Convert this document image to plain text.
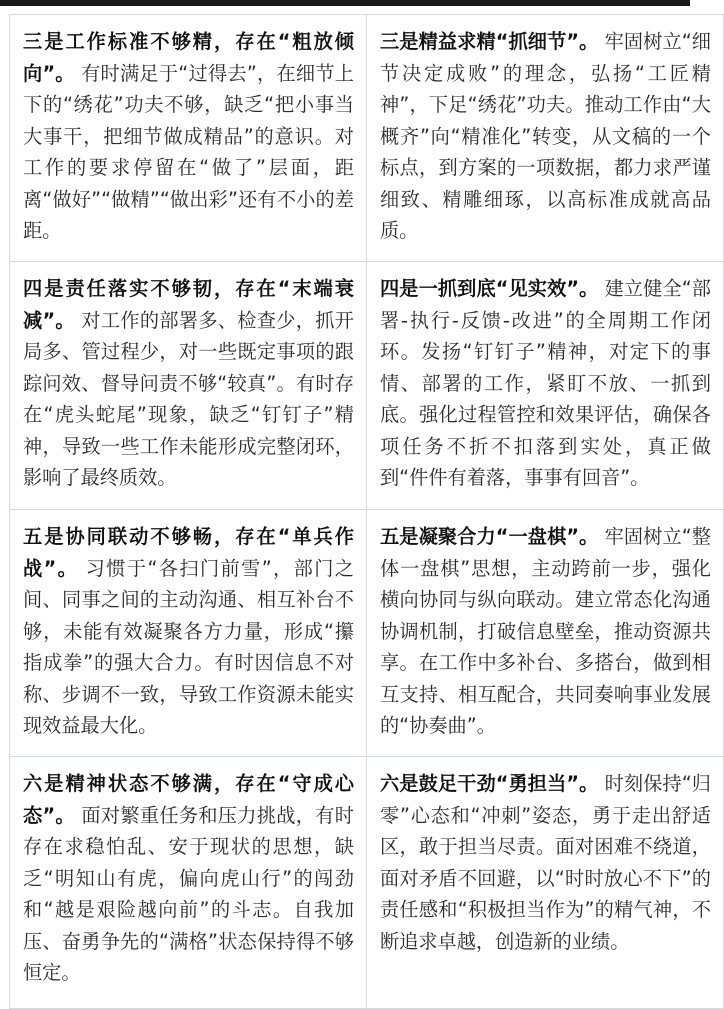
三是工作标准不够精，存在“粗放倾向”。 有时满足于“过得去”，在细节上下的“绣花”功夫不够，缺乏“把小事当大事干，把细节做成精品”的意识。对工作的要求停留在“做了”层面，距离“做好”“做精”“做出彩”还有不小的差距。	三是精益求精“抓细节”。 牢固树立“细节决定成败”的理念，弘扬“工匠精神”，下足“绣花”功夫。推动工作由“大概齐”向“精准化”转变，从文稿的一个标点，到方案的一项数据，都力求严谨细致、精雕细琢，以高标准成就高品质。
四是责任落实不够韧，存在“末端衰减”。 对工作的部署多、检查少，抓开局多、管过程少，对一些既定事项的跟踪问效、督导问责不够“较真”。有时存在“虎头蛇尾”现象，缺乏“钉钉子”精神，导致一些工作未能形成完整闭环，影响了最终质效。	四是一抓到底“见实效”。 建立健全“部署-执行-反馈-改进”的全周期工作闭环。发扬“钉钉子”精神，对定下的事情、部署的工作，紧盯不放、一抓到底。强化过程管控和效果评估，确保各项任务不折不扣落到实处，真正做到“件件有着落，事事有回音”。
五是协同联动不够畅，存在“单兵作战”。 习惯于“各扫门前雪”，部门之间、同事之间的主动沟通、相互补台不够，未能有效凝聚各方力量，形成“攥指成拳”的强大合力。有时因信息不对称、步调不一致，导致工作资源未能实现效益最大化。	五是凝聚合力“一盘棋”。 牢固树立“整体一盘棋”思想，主动跨前一步，强化横向协同与纵向联动。建立常态化沟通协调机制，打破信息壁垒，推动资源共享。在工作中多补台、多搭台，做到相互支持、相互配合，共同奏响事业发展的“协奏曲”。
六是精神状态不够满，存在“守成心态”。 面对繁重任务和压力挑战，有时存在求稳怕乱、安于现状的思想，缺乏“明知山有虎，偏向虎山行”的闯劲和“越是艰险越向前”的斗志。自我加压、奋勇争先的“满格”状态保持得不够恒定。	六是鼓足干劲“勇担当”。 时刻保持“归零”心态和“冲刺”姿态，勇于走出舒适区，敢于担当尽责。面对困难不绕道，面对矛盾不回避，以“时时放心不下”的责任感和“积极担当作为”的精气神，不断追求卓越，创造新的业绩。
